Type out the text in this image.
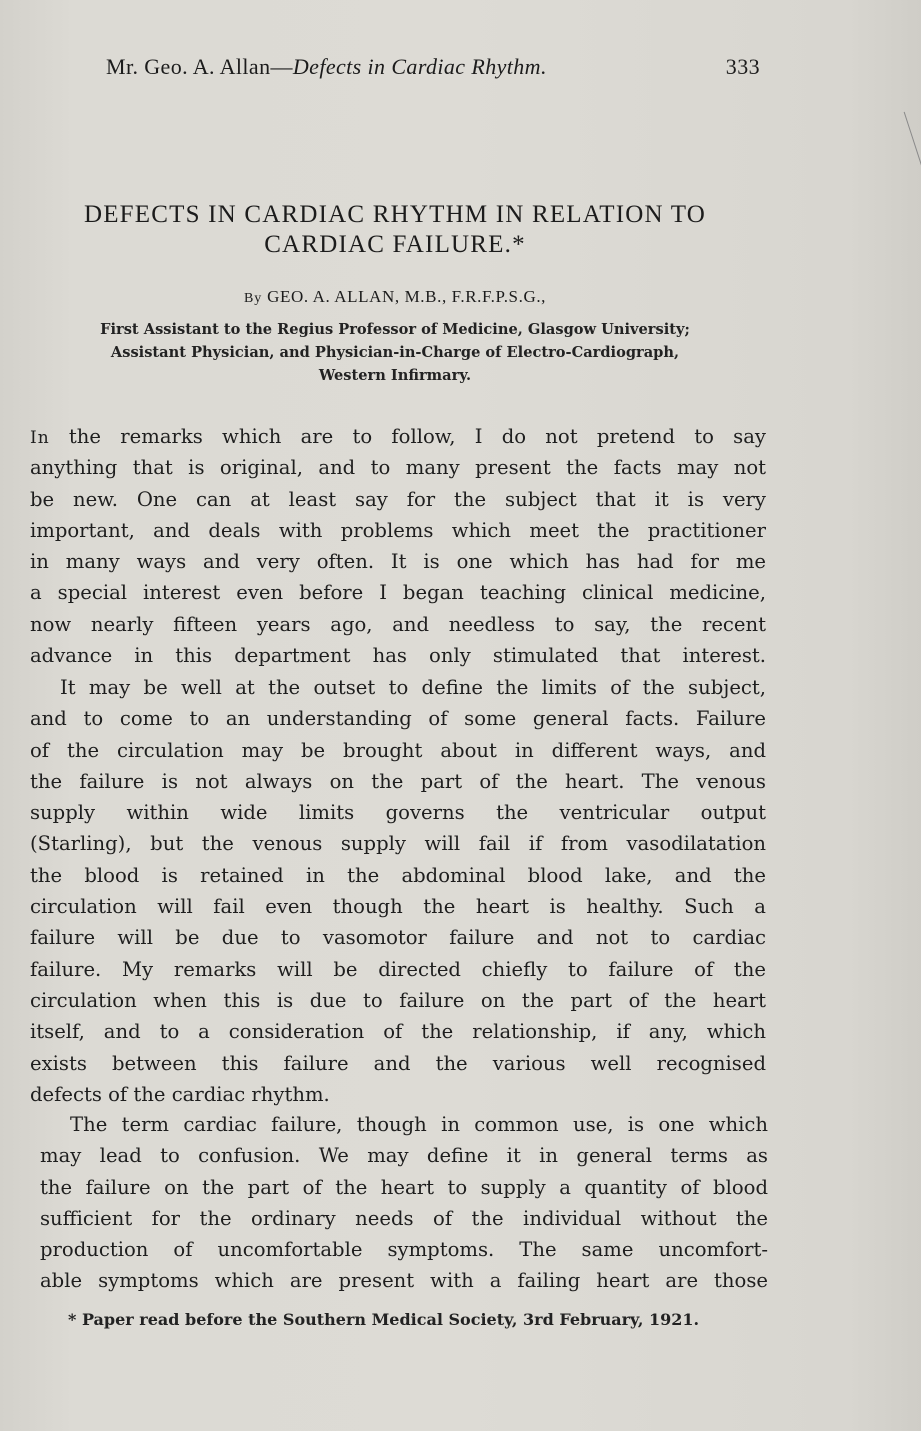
Mr. Geo. A. Allan—Defects in Cardiac Rhythm.	333
DEFECTS IN CARDIAC RHYTHM IN RELATION TO
CARDIAC FAILURE.*
By GEO. A. ALLAN, M.B., F.R.F.P.S.G.,
First Assistant to the Regius Professor of Medicine, Glasgow University;
Assistant Physician, and Physician-in-Charge of Electro-Cardiograph,
Western Infirmary.
In the remarks which are to follow, I do not pretend to say
anything that is original, and to many present the facts may not
be new. One can at least say for the subject that it is very
important, and deals with problems which meet the practitioner
in many ways and very often. It is one which has had for me
a special interest even before I began teaching clinical medicine,
now nearly fifteen years ago, and needless to say, the recent
advance in this department has only stimulated that interest.
It may be well at the outset to define the limits of the subject,
and to come to an understanding of some general facts. Failure
of the circulation may be brought about in different ways, and
the failure is not always on the part of the heart. The venous
supply within wide limits governs the ventricular output
(Starling), but the venous supply will fail if from vasodilatation
the blood is retained in the abdominal blood lake, and the
circulation will fail even though the heart is healthy. Such a
failure will be due to vasomotor failure and not to cardiac
failure. My remarks will be directed chiefly to failure of the
circulation when this is due to failure on the part of the heart
itself, and to a consideration of the relationship, if any, which
exists between this failure and the various well recognised
defects of the cardiac rhythm.
The term cardiac failure, though in common use, is one which
may lead to confusion. We may define it in general terms as
the failure on the part of the heart to supply a quantity of blood
sufficient for the ordinary needs of the individual without the
production of uncomfortable symptoms. The same uncomfort-
able symptoms which are present with a failing heart are those
* Paper read before the Southern Medical Society, 3rd February, 1921.
